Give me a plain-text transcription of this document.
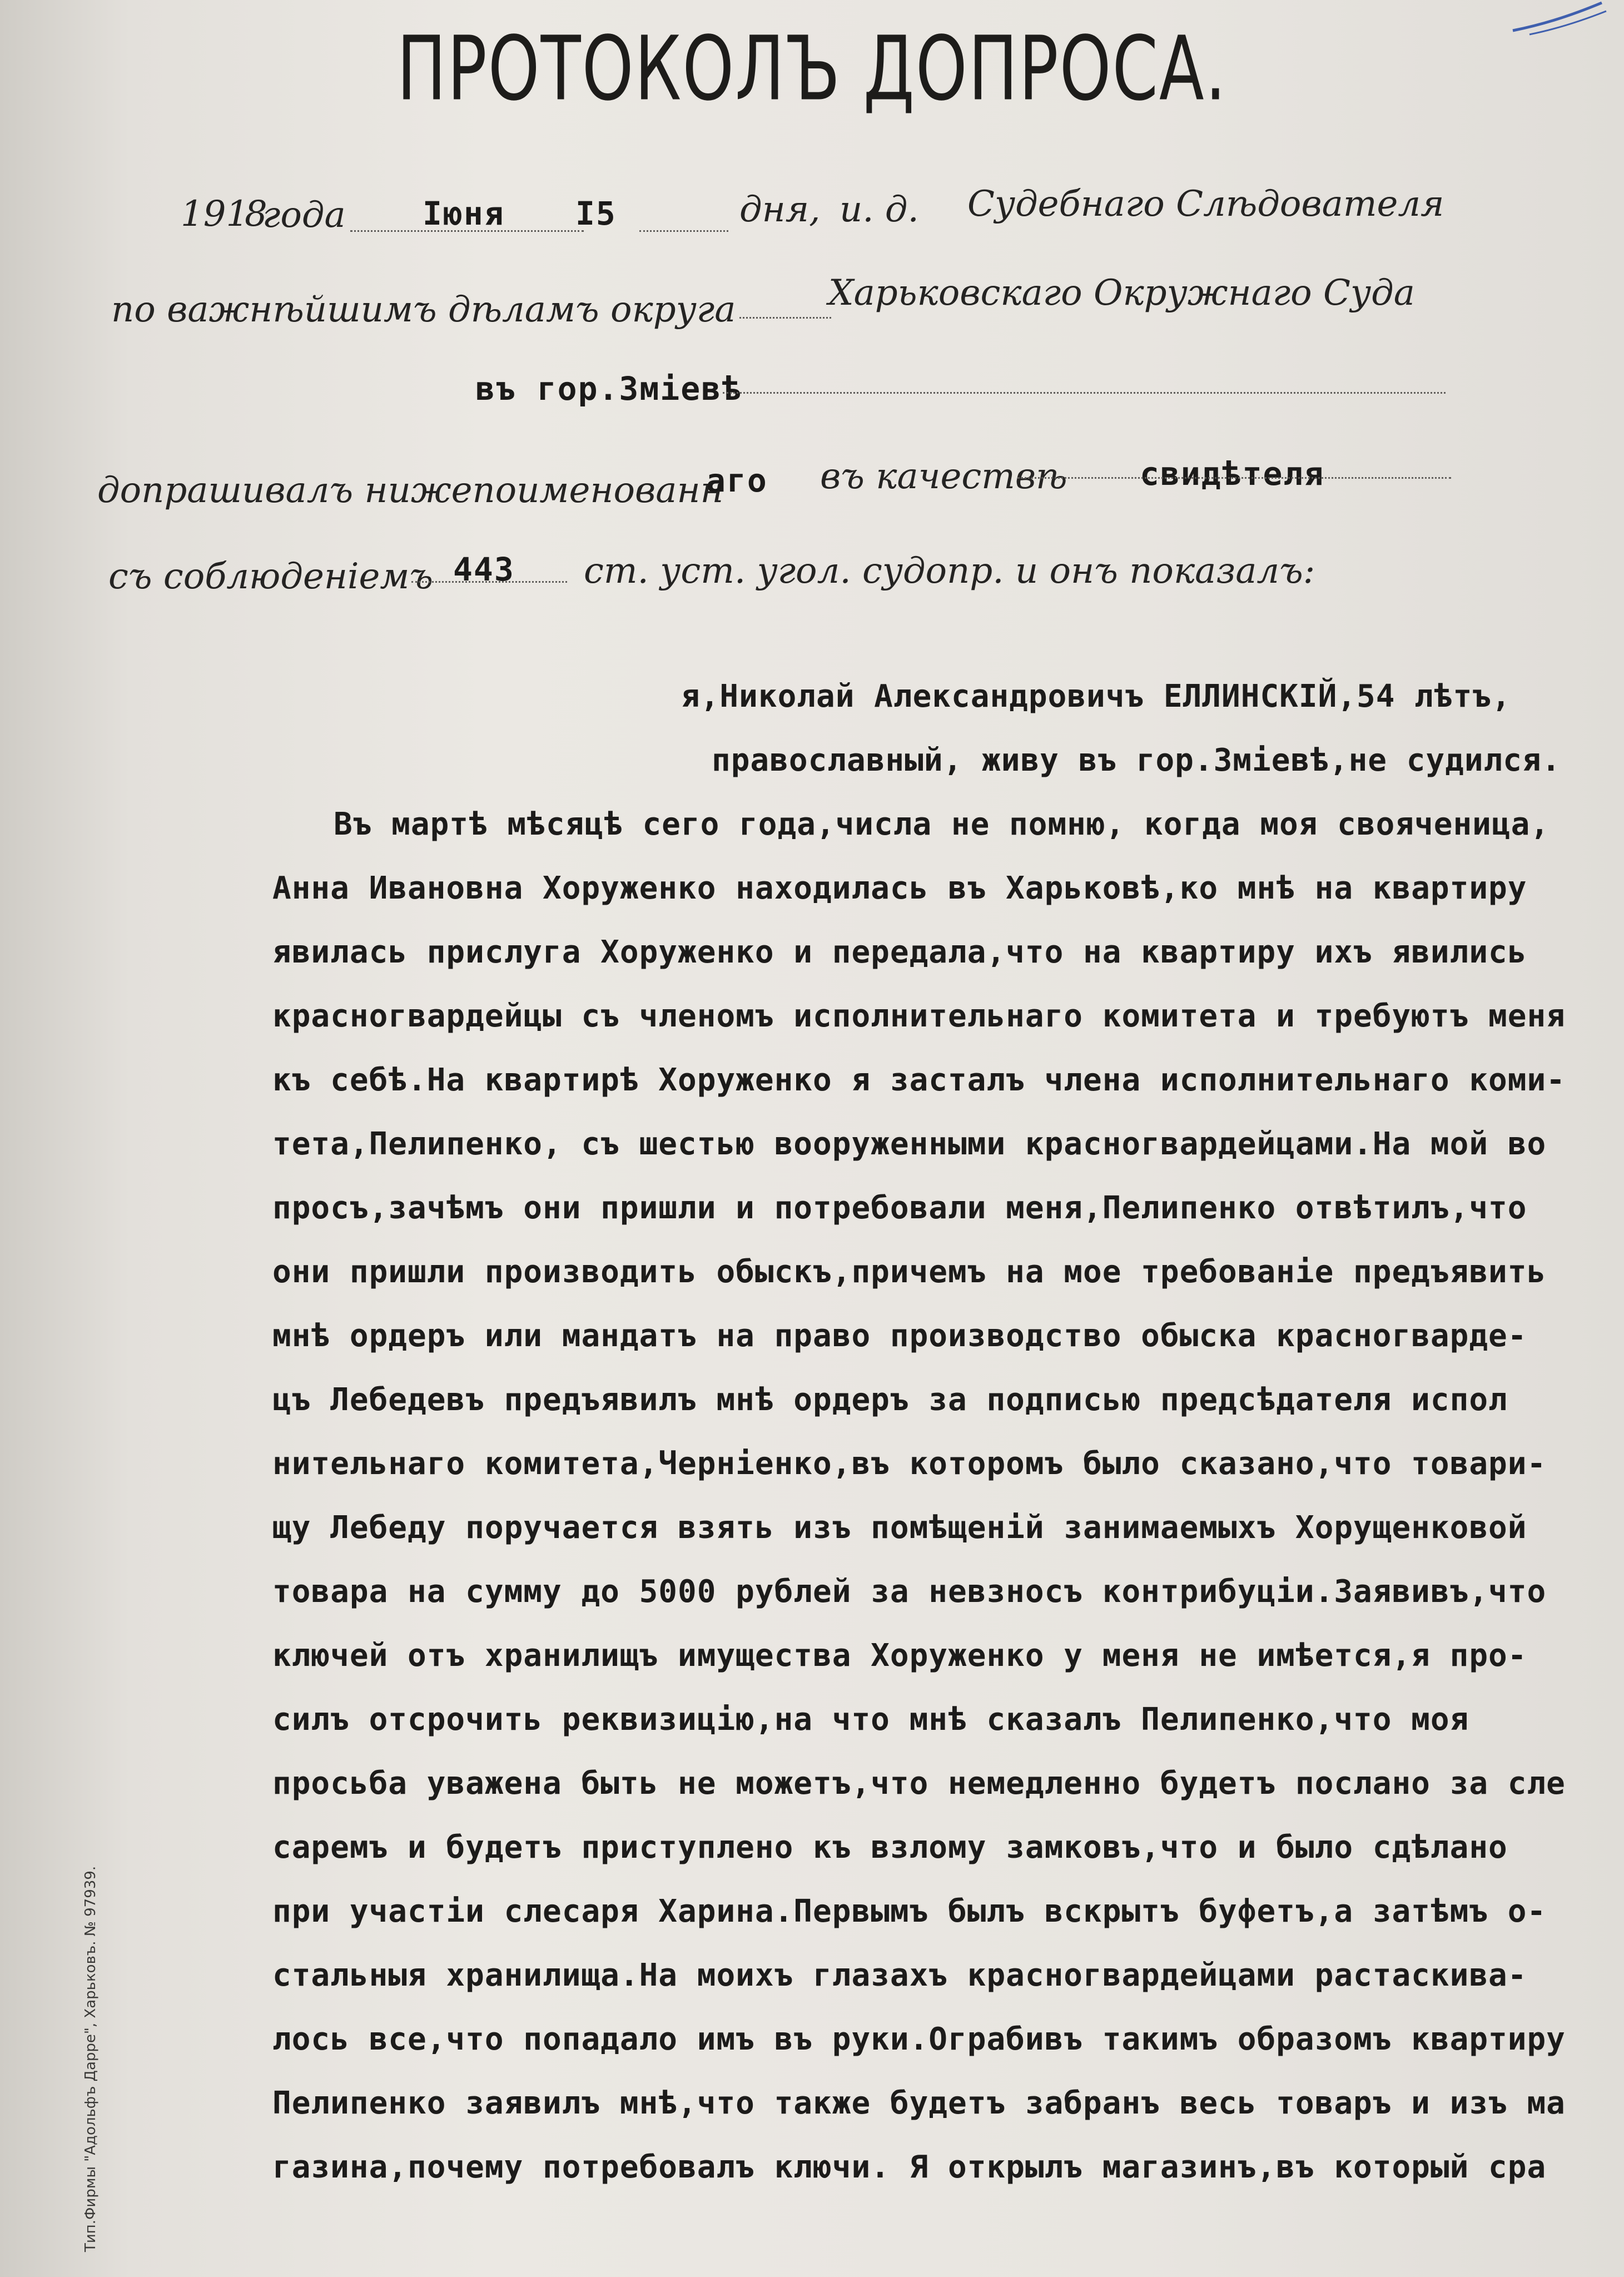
ПРОТОКОЛЪ ДОПРОСА.
191
8
года Iюня I5	дня, и. д. Судебнаго Слѣдователя
по важнѣйшимъ дѣламъ округа	Харьковскаго Окружнаго Суда
въ гор.Змiевѣ
допрашивалъ нижепоименованн
аго въ качествѣ свидѣтеля
съ соблюденiемъ 443 ст. уст. угол. судопр. и онъ показалъ:
я,Николай Александровичъ ЕЛЛИНСКIЙ,54 лѣтъ,
православный, живу въ гор.Змiевѣ,не судился.
Въ мартѣ мѣсяцѣ сего года,числа не помню, когда моя свояченица,
Анна Ивановна Хоруженко находилась въ Харьковѣ,ко мнѣ на квартиру
явилась прислуга Хоруженко и передала,что на квартиру ихъ явились
красногвардейцы съ членомъ исполнительнаго комитета и требуютъ меня
къ себѣ.На квартирѣ Хоруженко я засталъ члена исполнительнаго коми-
тета,Пелипенко, съ шестью вооруженными красногвардейцами.На мой во
просъ,зачѣмъ они пришли и потребовали меня,Пелипенко отвѣтилъ,что
они пришли производить обыскъ,причемъ на мое требованiе предъявить
мнѣ ордеръ или мандатъ на право производство обыска красногварде-
цъ Лебедевъ предъявилъ мнѣ ордеръ за подписью предсѣдателя испол
нительнаго комитета,Чернiенко,въ которомъ было сказано,что товари-
щу Лебеду поручается взять изъ помѣщенiй занимаемыхъ Хорущенковой
товара на сумму до 5000 рублей за невзносъ контрибуцiи.Заявивъ,что
ключей отъ хранилищъ имущества Хоруженко у меня не имѣется,я про-
силъ отсрочить реквизицiю,на что мнѣ сказалъ Пелипенко,что моя
просьба уважена быть не можетъ,что немедленно будетъ послано за сле
саремъ и будетъ приступлено къ взлому замковъ,что и было сдѣлано
при участiи слесаря Харина.Первымъ былъ вскрытъ буфетъ,а затѣмъ о-
стальныя хранилища.На моихъ глазахъ красногвардейцами растаскива-
лось все,что попадало имъ въ руки.Ограбивъ такимъ образомъ квартиру
Пелипенко заявилъ мнѣ,что также будетъ забранъ весь товаръ и изъ ма
газина,почему потребовалъ ключи. Я открылъ магазинъ,въ который сра
Тип.Фирмы "Адольфъ Дарре", Харьковъ. № 97939.
